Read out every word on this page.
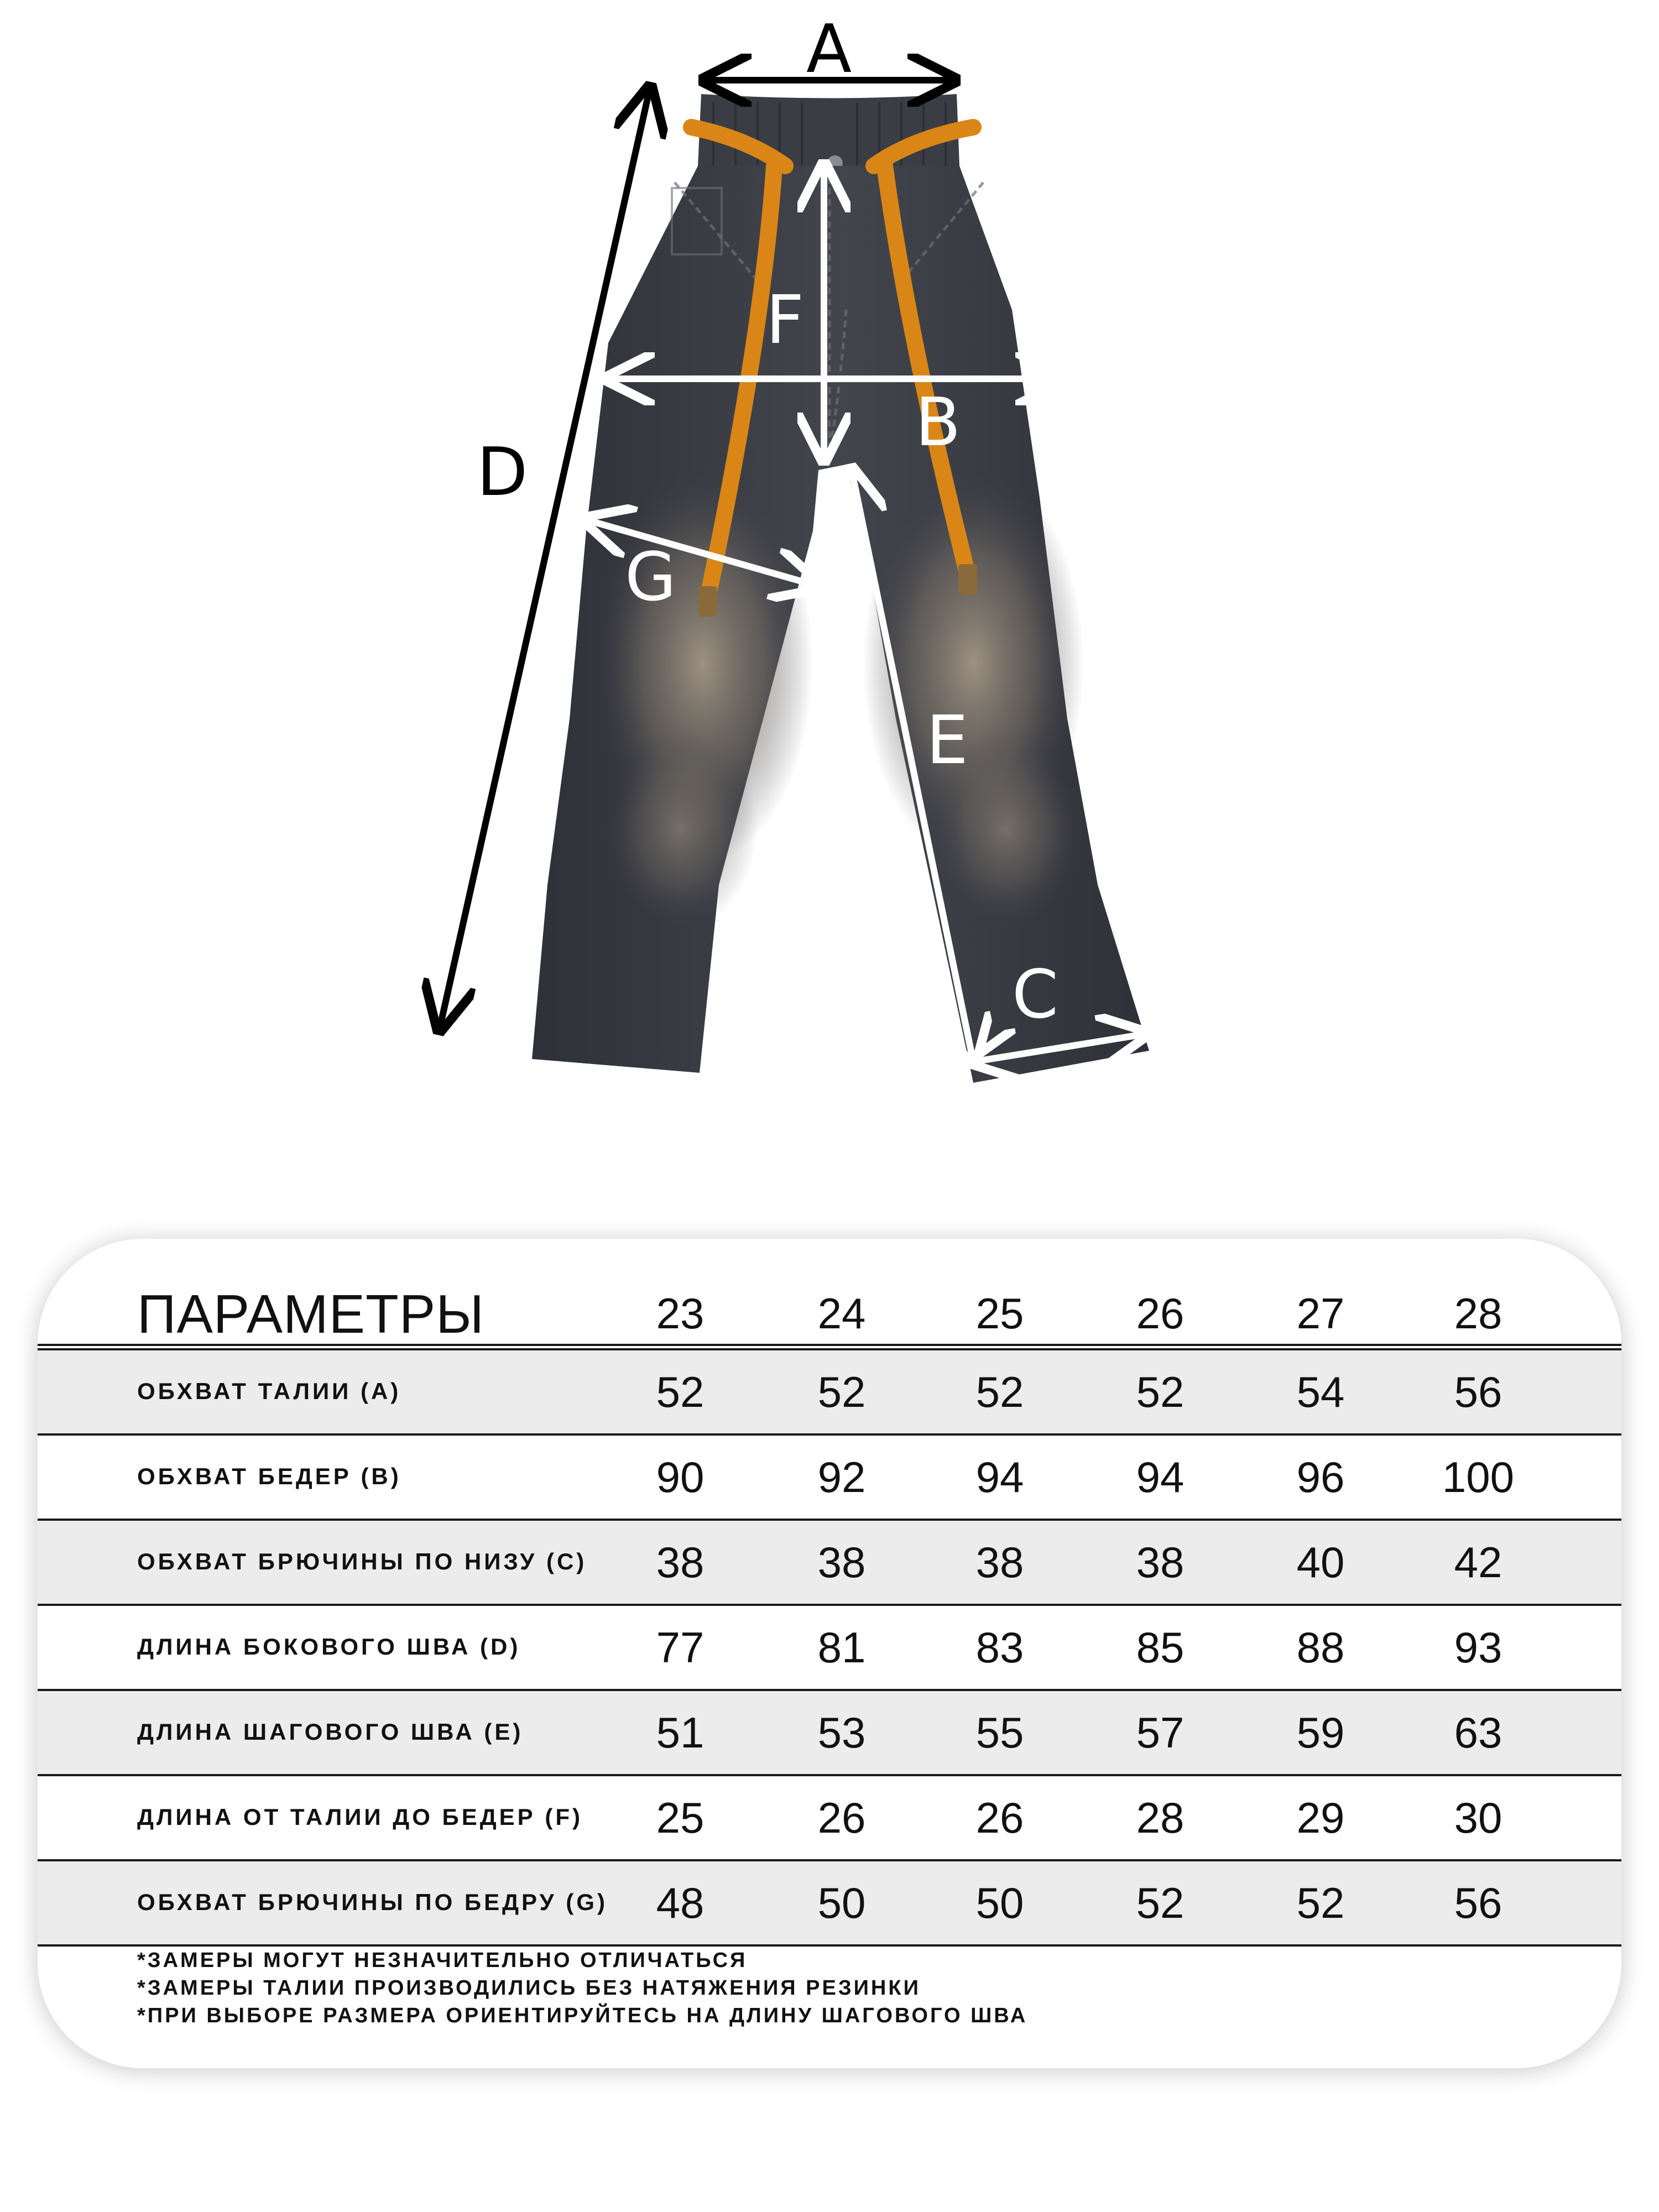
A
F
B
D
G
E
C
ПАРАМЕТРЫ	23	24	25	26	27	28
ОБХВАТ ТАЛИИ (A)	52	52	52	52	54	56
ОБХВАТ БЕДЕР (B)	90	92	94	94	96	100
ОБХВАТ БРЮЧИНЫ ПО НИЗУ (C)	38	38	38	38	40	42
ДЛИНА БОКОВОГО ШВА (D)	77	81	83	85	88	93
ДЛИНА ШАГОВОГО ШВА (E)	51	53	55	57	59	63
ДЛИНА ОТ ТАЛИИ ДО БЕДЕР (F)	25	26	26	28	29	30
ОБХВАТ БРЮЧИНЫ ПО БЕДРУ (G)	48	50	50	52	52	56
*ЗАМЕРЫ МОГУТ НЕЗНАЧИТЕЛЬНО ОТЛИЧАТЬСЯ
*ЗАМЕРЫ ТАЛИИ ПРОИЗВОДИЛИСЬ БЕЗ НАТЯЖЕНИЯ РЕЗИНКИ
*ПРИ ВЫБОРЕ РАЗМЕРА ОРИЕНТИРУЙТЕСЬ НА ДЛИНУ ШАГОВОГО ШВА
